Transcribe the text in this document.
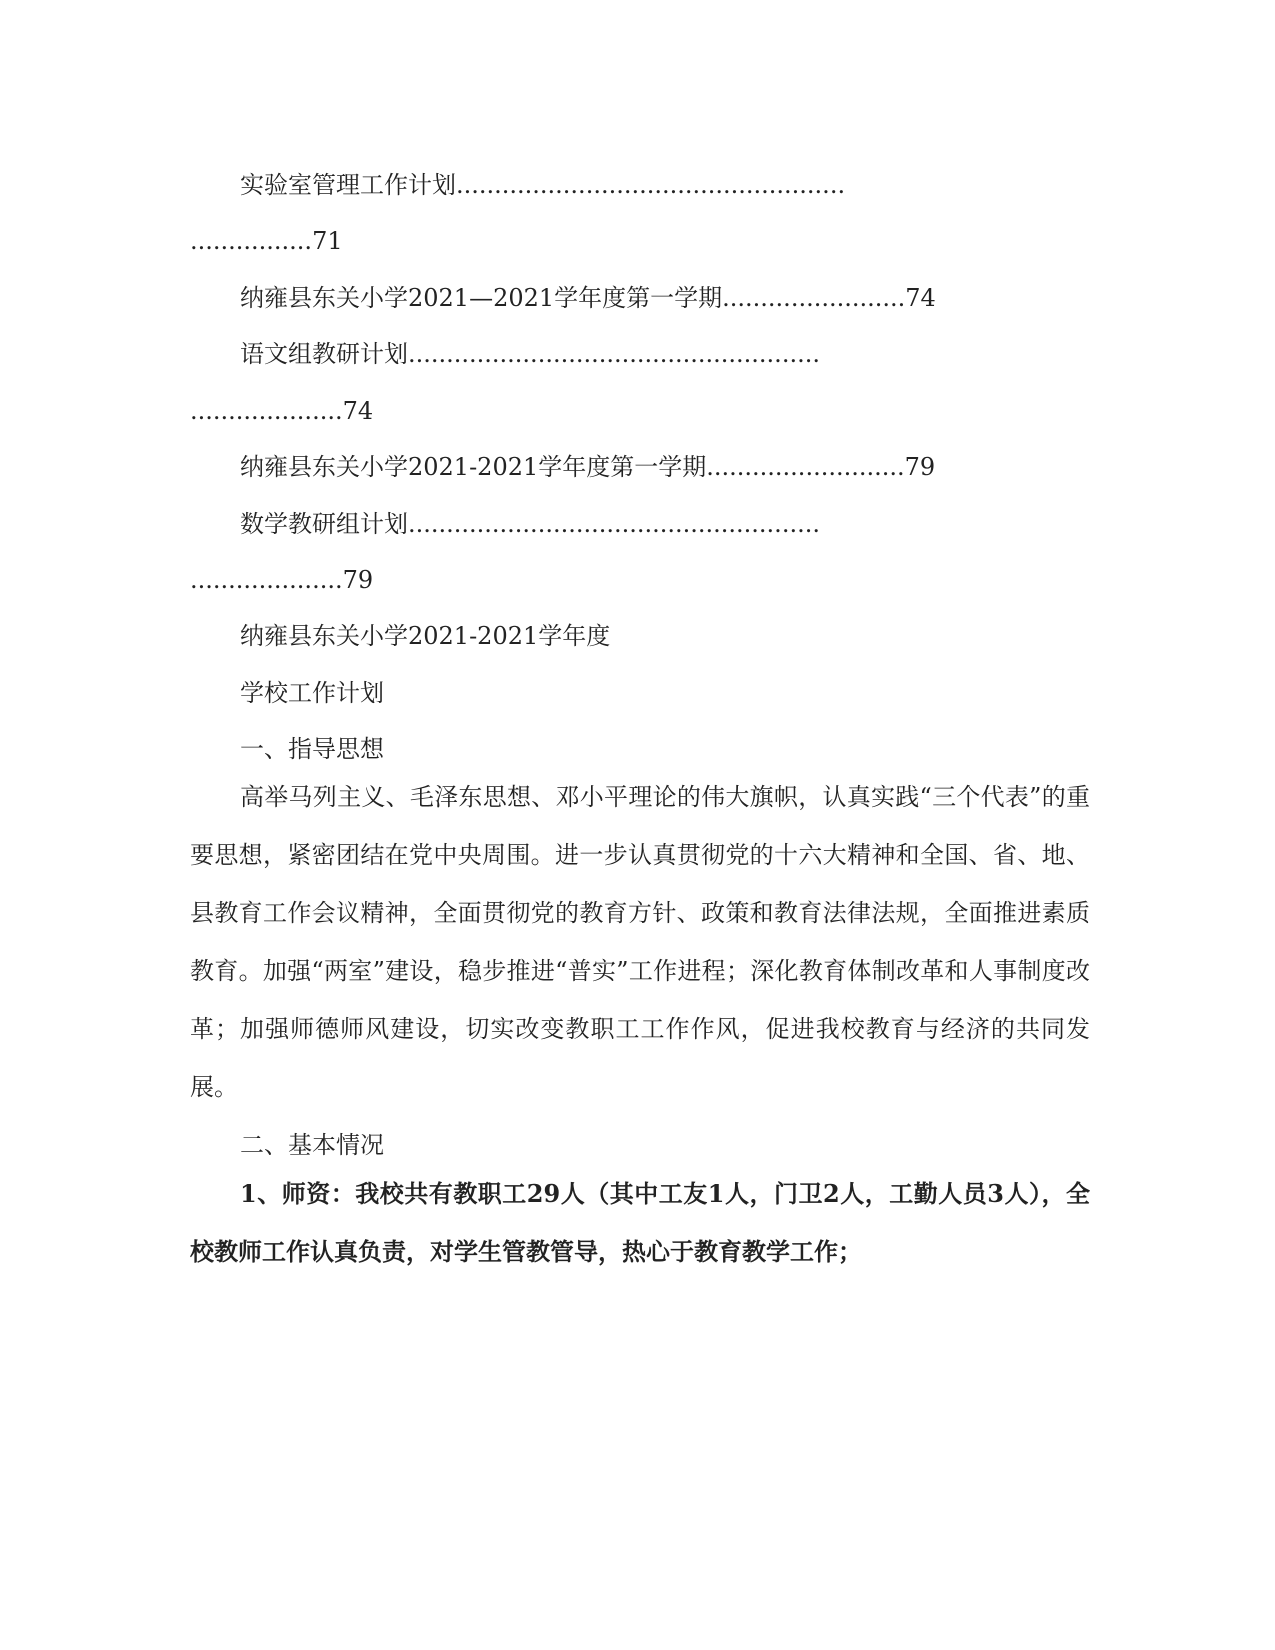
实验室管理工作计划...................................................
................71
纳雍县东关小学2021—2021学年度第一学期........................74
语文组教研计划......................................................
....................74
纳雍县东关小学2021-2021学年度第一学期..........................79
数学教研组计划......................................................
....................79
纳雍县东关小学2021-2021学年度
学校工作计划
一、指导思想
高举马列主义、毛泽东思想、邓小平理论的伟大旗帜，认真实践“三个代表”的重要思想，紧密团结在党中央周围。进一步认真贯彻党的十六大精神和全国、省、地、县教育工作会议精神，全面贯彻党的教育方针、政策和教育法律法规，全面推进素质教育。加强“两室”建设，稳步推进“普实”工作进程；深化教育体制改革和人事制度改革；加强师德师风建设，切实改变教职工工作作风，促进我校教育与经济的共同发展。
二、基本情况
1、师资：我校共有教职工29人（其中工友1人，门卫2人，工勤人员3人），全校教师工作认真负责，对学生管教管导，热心于教育教学工作；
